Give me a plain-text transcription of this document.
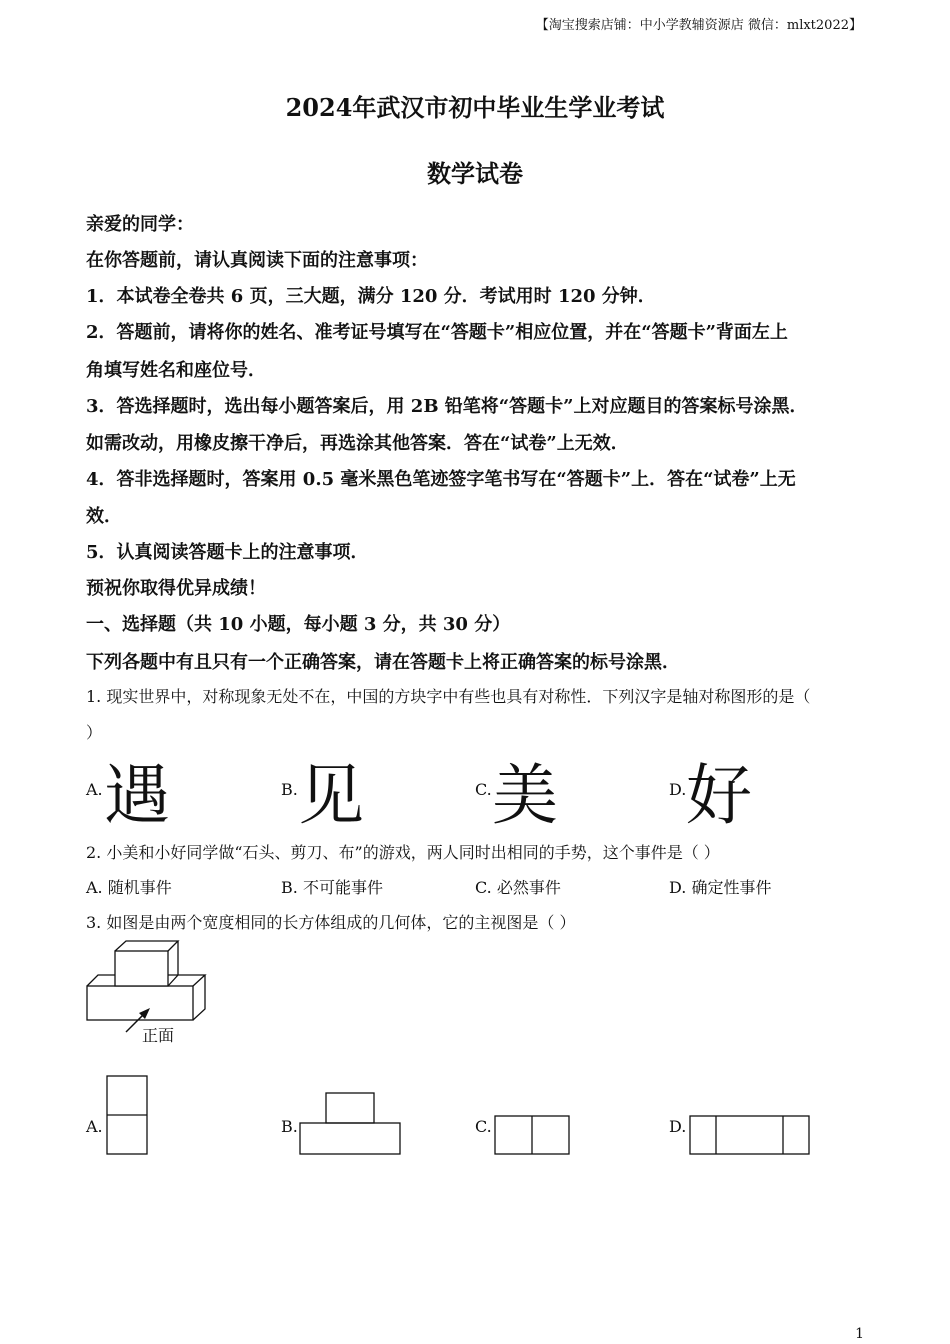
【淘宝搜索店铺：中小学教辅资源店 微信：mlxt2022】
2024年武汉市初中毕业生学业考试
数学试卷
亲爱的同学：
在你答题前，请认真阅读下面的注意事项：
1．本试卷全卷共 6 页，三大题，满分 120 分．考试用时 120 分钟．
2．答题前，请将你的姓名、准考证号填写在“答题卡”相应位置，并在“答题卡”背面左上
角填写姓名和座位号．
3．答选择题时，选出每小题答案后，用 2B 铅笔将“答题卡”上对应题目的答案标号涂黑．
如需改动，用橡皮擦干净后，再选涂其他答案．答在“试卷”上无效．
4．答非选择题时，答案用 0.5 毫米黑色笔迹签字笔书写在“答题卡”上．答在“试卷”上无
效．
5．认真阅读答题卡上的注意事项．
预祝你取得优异成绩！
一、选择题（共 10 小题，每小题 3 分，共 30 分）
下列各题中有且只有一个正确答案，请在答题卡上将正确答案的标号涂黑．
1. 现实世界中，对称现象无处不在，中国的方块字中有些也具有对称性．下列汉字是轴对称图形的是（
）
A. 遇	B. 见	C. 美	D. 好
2. 小美和小好同学做“石头、剪刀、布”的游戏，两人同时出相同的手势，这个事件是（ ）
A. 随机事件	B. 不可能事件	C. 必然事件	D. 确定性事件
3. 如图是由两个宽度相同的长方体组成的几何体，它的主视图是（ ）
正面
A.	B.	C.	D.
1
